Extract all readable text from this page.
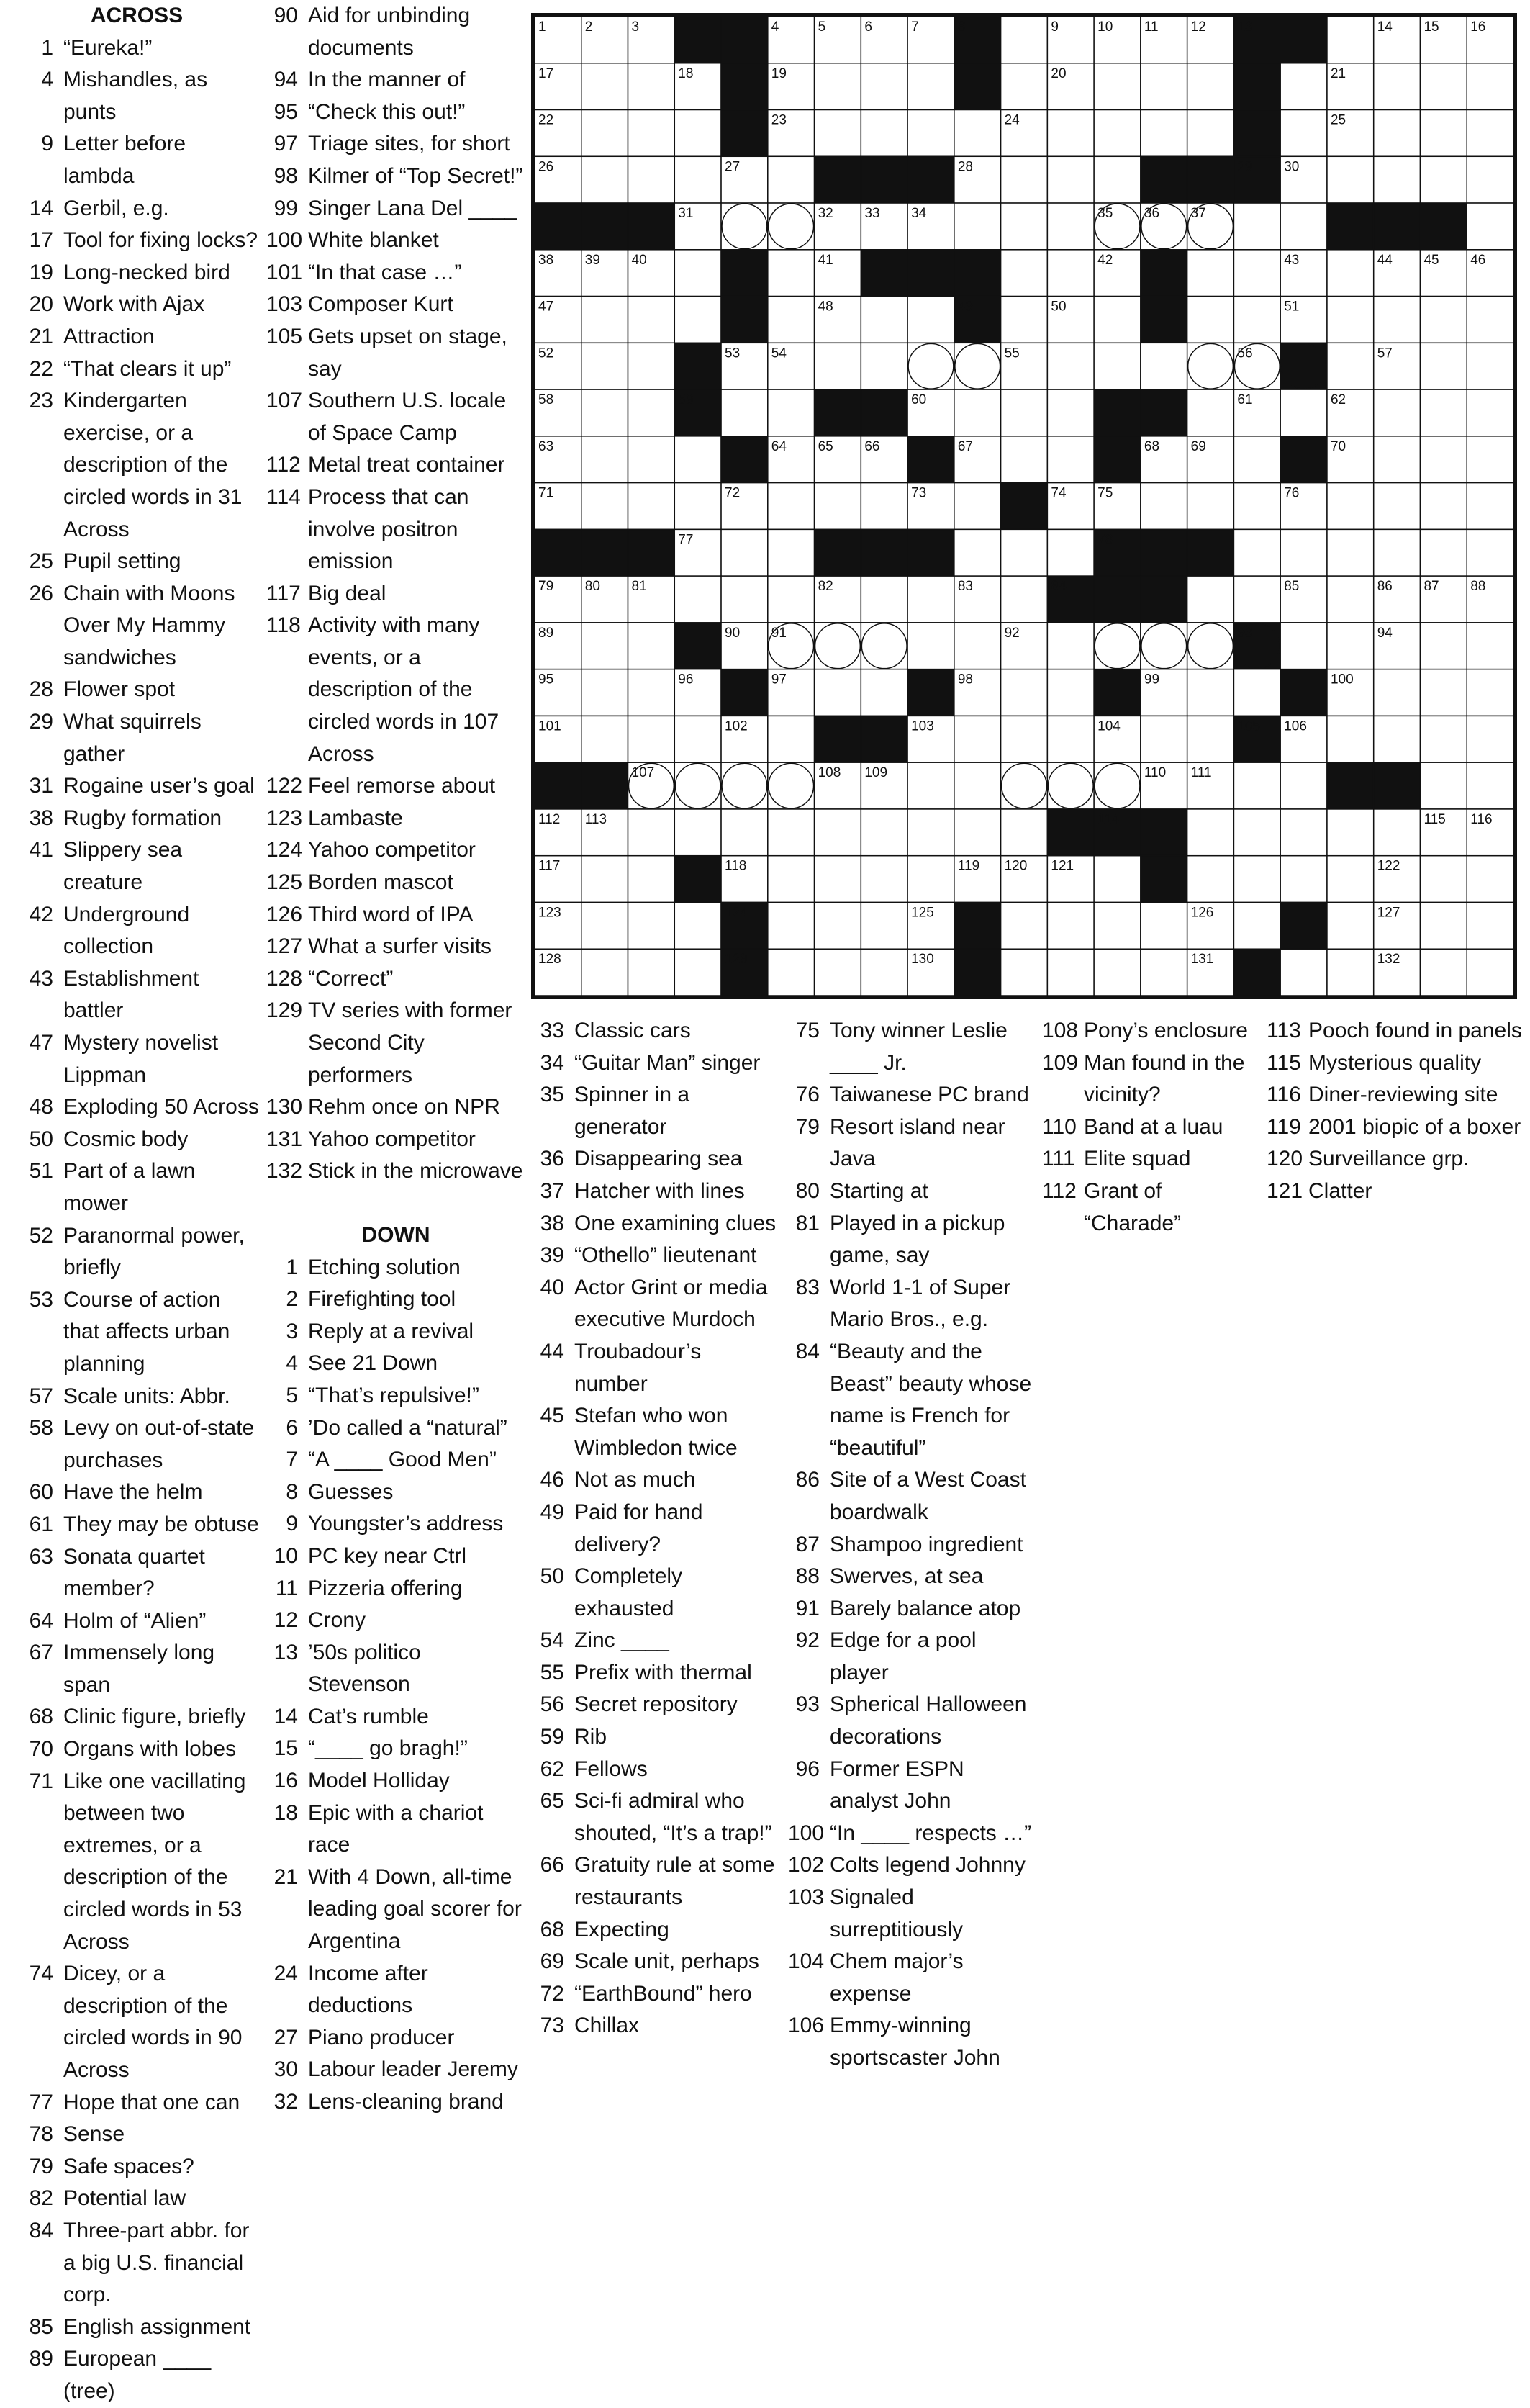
ACROSS
1 “Eureka!”
4 Mishandles, as punts
9 Letter before lambda
14 Gerbil, e.g.
17 Tool for fixing locks?
19 Long-necked bird
20 Work with Ajax
21 Attraction
22 “That clears it up”
23 Kindergarten exercise, or a description of the circled words in 31 Across
25 Pupil setting
26 Chain with Moons Over My Hammy sandwiches
28 Flower spot
29 What squirrels gather
31 Rogaine user’s goal
38 Rugby formation
41 Slippery sea creature
42 Underground collection
43 Establishment battler
47 Mystery novelist Lippman
48 Exploding 50 Across
50 Cosmic body
51 Part of a lawn mower
52 Paranormal power, briefly
53 Course of action that affects urban planning
57 Scale units: Abbr.
58 Levy on out-of-state purchases
60 Have the helm
61 They may be obtuse
63 Sonata quartet member?
64 Holm of “Alien”
67 Immensely long span
68 Clinic figure, briefly
70 Organs with lobes
71 Like one vacillating between two extremes, or a description of the circled words in 53 Across
74 Dicey, or a description of the circled words in 90 Across
77 Hope that one can
78 Sense
79 Safe spaces?
82 Potential law
84 Three-part abbr. for a big U.S. financial corp.
85 English assignment
89 European ____ (tree)
90 Aid for unbinding documents
94 In the manner of
95 “Check this out!”
97 Triage sites, for short
98 Kilmer of “Top Secret!”
99 Singer Lana Del ____
100 White blanket
101 “In that case …”
103 Composer Kurt
105 Gets upset on stage, say
107 Southern U.S. locale of Space Camp
112 Metal treat container
114 Process that can involve positron emission
117 Big deal
118 Activity with many events, or a description of the circled words in 107 Across
122 Feel remorse about
123 Lambaste
124 Yahoo competitor
125 Borden mascot
126 Third word of IPA
127 What a surfer visits
128 “Correct”
129 TV series with former Second City performers
130 Rehm once on NPR
131 Yahoo competitor
132 Stick in the microwave
DOWN
1 Etching solution
2 Firefighting tool
3 Reply at a revival
4 See 21 Down
5 “That’s repulsive!”
6 ’Do called a “natural”
7 “A ____ Good Men”
8 Guesses
9 Youngster’s address
10 PC key near Ctrl
11 Pizzeria offering
12 Crony
13 ’50s politico Stevenson
14 Cat’s rumble
15 “____ go bragh!”
16 Model Holliday
18 Epic with a chariot race
21 With 4 Down, all-time leading goal scorer for Argentina
24 Income after deductions
27 Piano producer
30 Labour leader Jeremy
32 Lens-cleaning brand
1	2	3	4	5	6	7	8	9	10 11 12 13	14 15 16
17	18	19	20	21
22	23	24	25
26	27	28	29 30
31	32 33 34	35 36 37
38 39 40	41	42	43	44 45 46
47	48	49	50	51
52	53 54	55	56	57
58	59	60	61	62
63	64 65 66	67	68 69	70
71	72	73	74 75	76
77	78
79 80 81	82	83	84	85	86 87 88
89	90 91	92	93	94
95	96	97	98	99	100
101	102	103	104	105 106
107	108 109	110 111
112 113	114	115 116
117	118	119 120 121	122
123	124	125	126	127
128	129	130	131	132
33 Classic cars
34 “Guitar Man” singer
35 Spinner in a generator
36 Disappearing sea
37 Hatcher with lines
38 One examining clues
39 “Othello” lieutenant
40 Actor Grint or media executive Murdoch
44 Troubadour’s number
45 Stefan who won Wimbledon twice
46 Not as much
49 Paid for hand delivery?
50 Completely exhausted
54 Zinc ____
55 Prefix with thermal
56 Secret repository
59 Rib
62 Fellows
65 Sci-fi admiral who shouted, “It’s a trap!”
66 Gratuity rule at some restaurants
68 Expecting
69 Scale unit, perhaps
72 “EarthBound” hero
73 Chillax
75 Tony winner Leslie ____ Jr.
76 Taiwanese PC brand
79 Resort island near Java
80 Starting at
81 Played in a pickup game, say
83 World 1-1 of Super Mario Bros., e.g.
84 “Beauty and the Beast” beauty whose name is French for “beautiful”
86 Site of a West Coast boardwalk
87 Shampoo ingredient
88 Swerves, at sea
91 Barely balance atop
92 Edge for a pool player
93 Spherical Halloween decorations
96 Former ESPN analyst John
100 “In ____ respects …”
102 Colts legend Johnny
103 Signaled surreptitiously
104 Chem major’s expense
106 Emmy-winning sportscaster John
108 Pony’s enclosure
109 Man found in the vicinity?
110 Band at a luau
111 Elite squad
112 Grant of “Charade”
113 Pooch found in panels
115 Mysterious quality
116 Diner-reviewing site
119 2001 biopic of a boxer
120 Surveillance grp.
121 Clatter
